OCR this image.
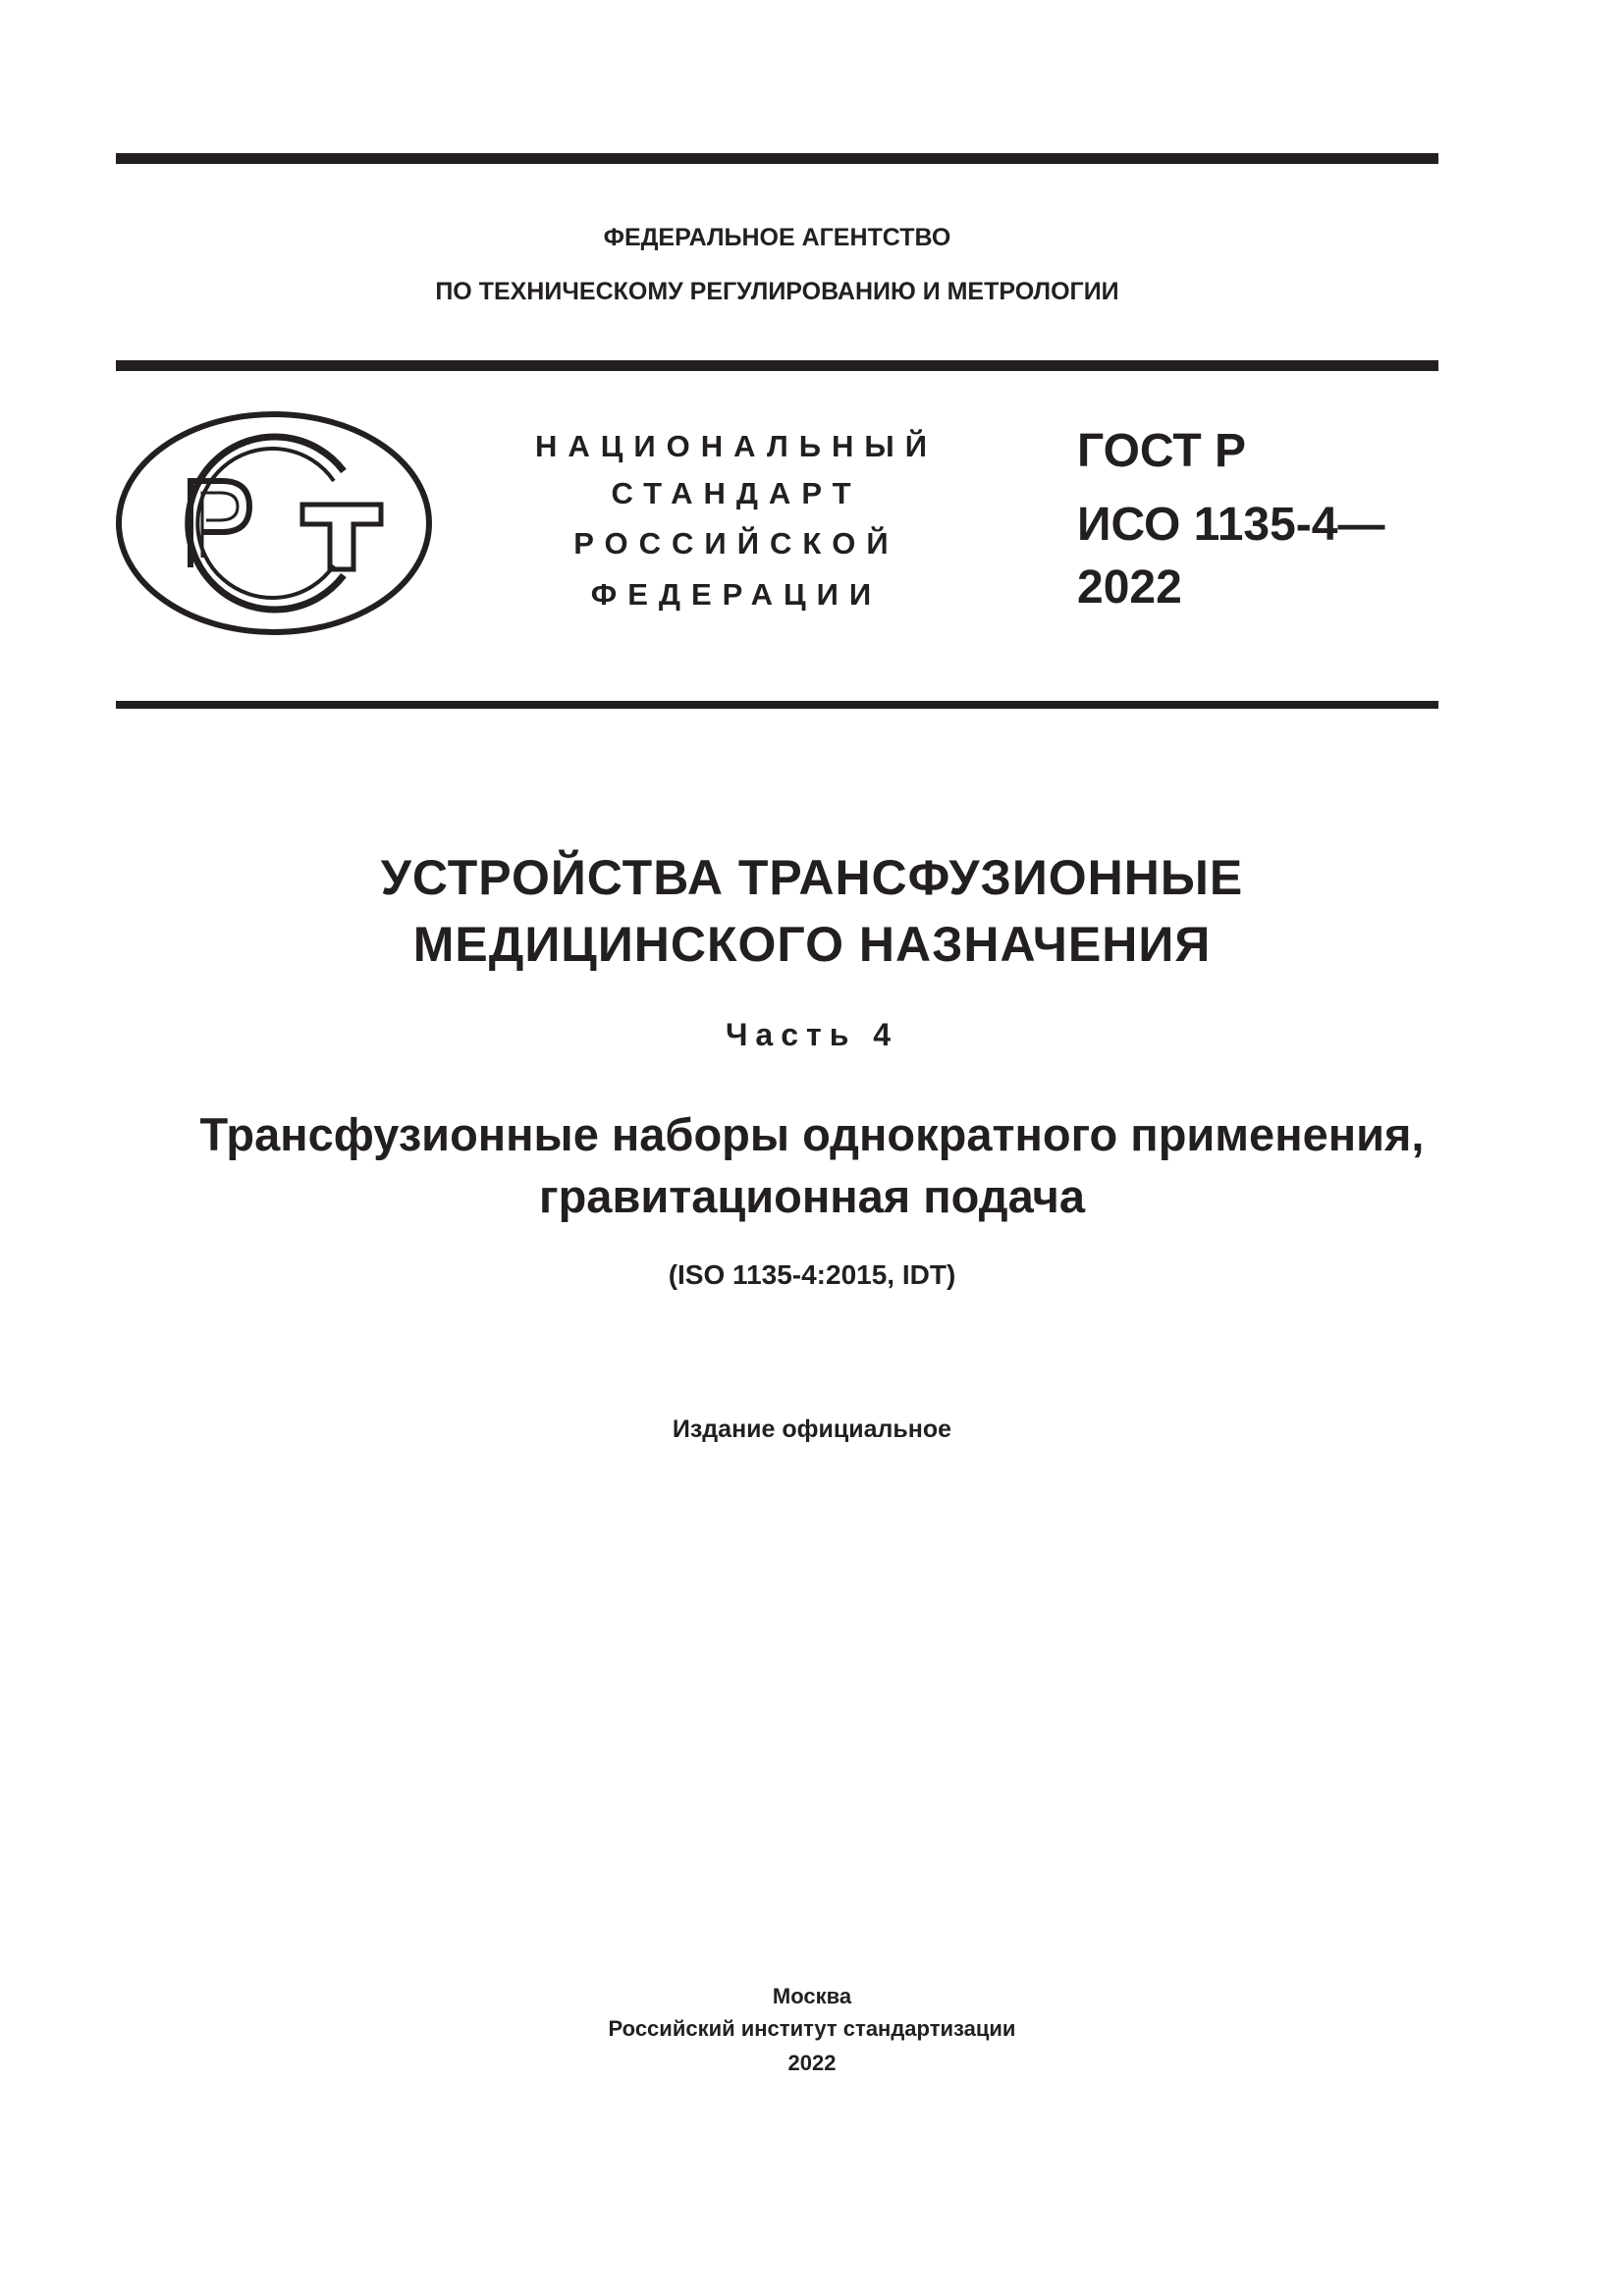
ФЕДЕРАЛЬНОЕ АГЕНТСТВО
ПО ТЕХНИЧЕСКОМУ РЕГУЛИРОВАНИЮ И МЕТРОЛОГИИ
НАЦИОНАЛЬНЫЙ
СТАНДАРТ
РОССИЙСКОЙ
ФЕДЕРАЦИИ
ГОСТ Р
ИСО 1135-4—
2022
УСТРОЙСТВА ТРАНСФУЗИОННЫЕ
МЕДИЦИНСКОГО НАЗНАЧЕНИЯ
Часть 4
Трансфузионные наборы однократного применения,
гравитационная подача
(ISO 1135-4:2015, IDT)
Издание официальное
Москва
Российский институт стандартизации
2022
